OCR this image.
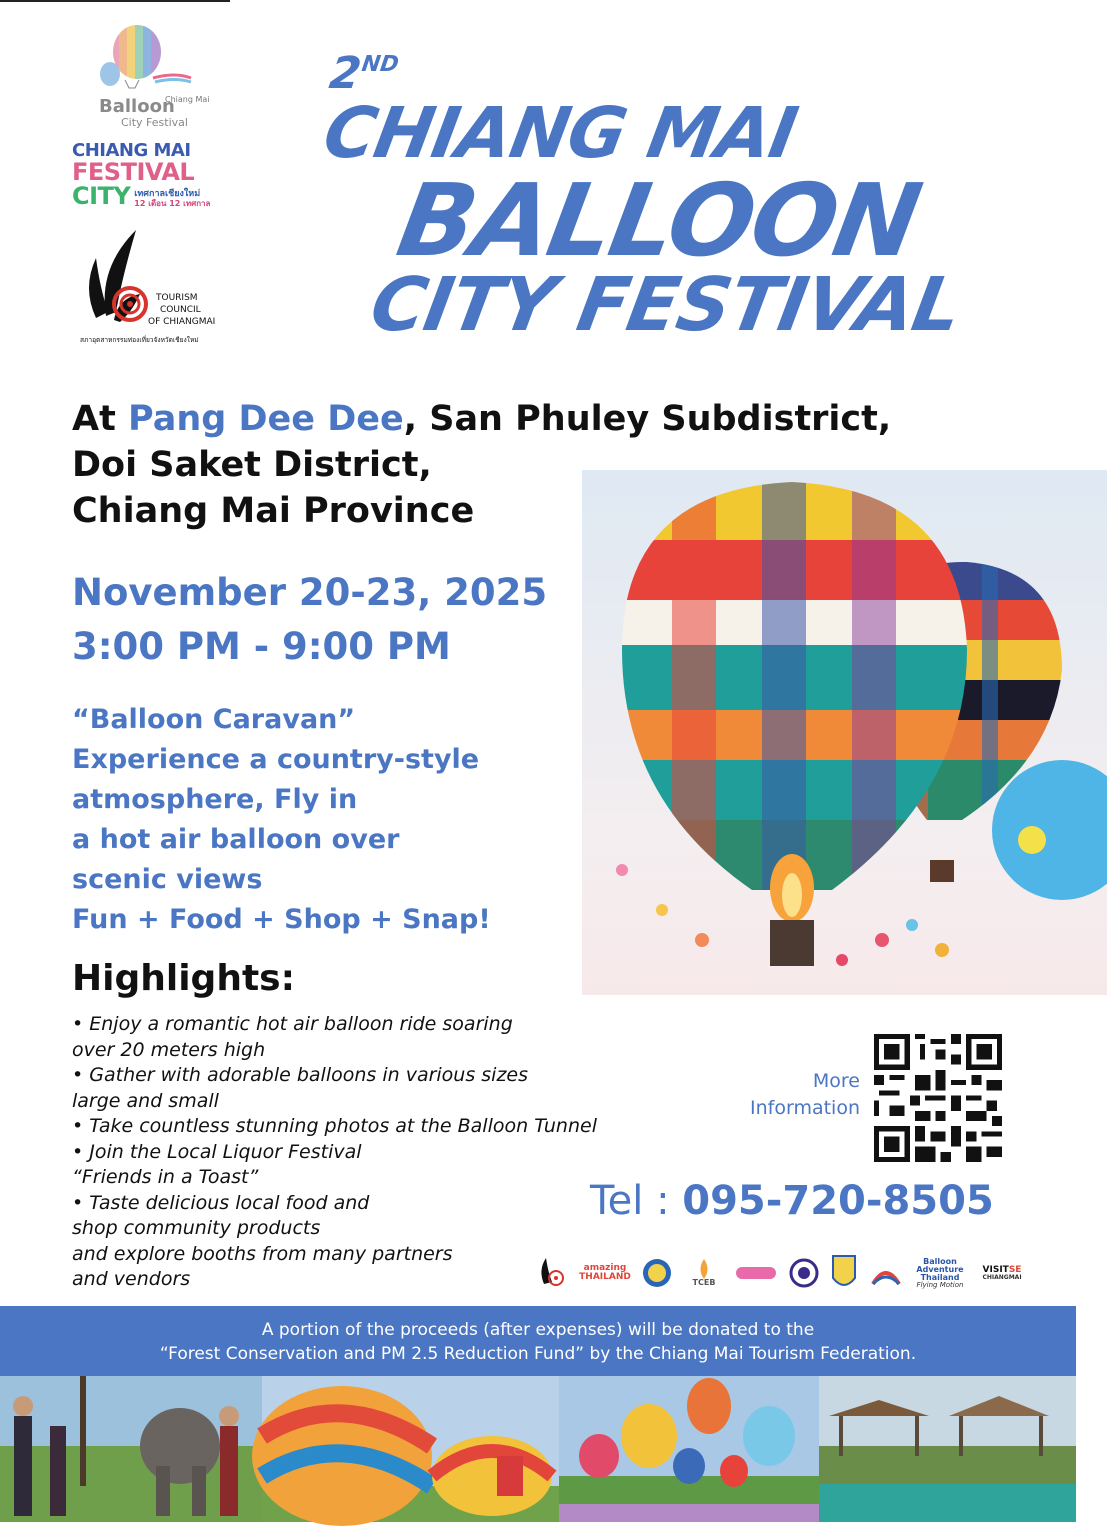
Chiang Mai
Balloon
City Festival
CHIANG MAI
FESTIVAL
CITY เทศกาลเชียงใหม่
12 เดือน 12 เทศกาล
TOURISM
COUNCIL
OF CHIANGMAI
สภาอุตสาหกรรมท่องเที่ยวจังหวัดเชียงใหม่
2ND
CHIANG MAI
BALLOON
CITY FESTIVAL
At Pang Dee Dee, San Phuley Subdistrict,
Doi Saket District,
Chiang Mai Province
November 20-23, 2025
3:00 PM - 9:00 PM
“Balloon Caravan”
Experience a country-style
atmosphere, Fly in
a hot air balloon over
scenic views
Fun + Food + Shop + Snap!
Highlights:
• Enjoy a romantic hot air balloon ride soaring
over 20 meters high
• Gather with adorable balloons in various sizes
large and small
• Take countless stunning photos at the Balloon Tunnel
• Join the Local Liquor Festival
“Friends in a Toast”
• Taste delicious local food and
shop community products
and explore booths from many partners
and vendors
More
Information
Tel : 095-720-8505
amazing THAILAND
TCEB
Balloon Adventure Thailand
Flying Motion
VISITSE
CHIANGMAI
A portion of the proceeds (after expenses) will be donated to the
“Forest Conservation and PM 2.5 Reduction Fund” by the Chiang Mai Tourism Federation.
